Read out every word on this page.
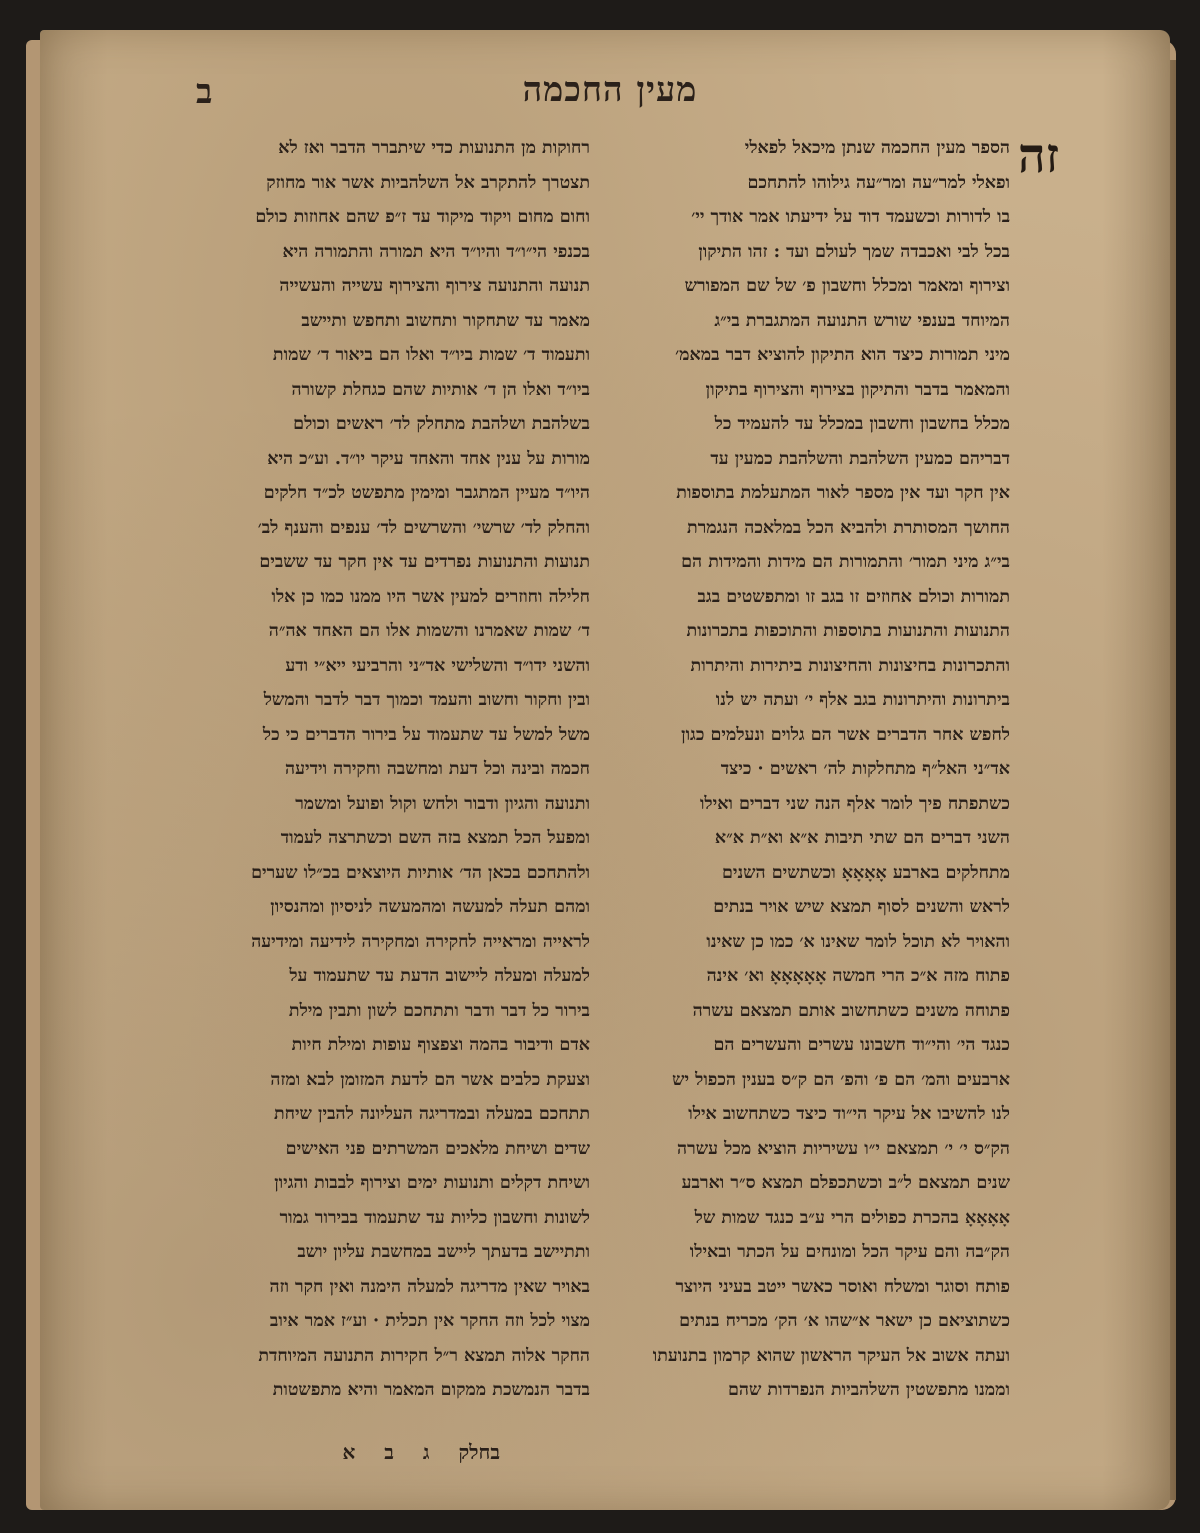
מעין החכמה
ב
זה
הספר מעין החכמה שנתן מיכאל לפאלי
ופאלי למר״עה ומר״עה גילוהו להתחכם
בו לדורות וכשעמד דוד על ידיעתו אמר אודך יי׳
בכל לבי ואכבדה שמך לעולם ועד : זהו התיקון
וצירוף ומאמר ומכלל וחשבון פ׳ של שם המפורש
המיוחד בענפי שורש התנועה המתגברת בי״ג
מיני תמורות כיצד הוא התיקון להוציא דבר במאמ׳
והמאמר בדבר והתיקון בצירוף והצירוף בתיקון
מכלל בחשבון וחשבון במכלל עד להעמיד כל
דבריהם כמעין השלהבת והשלהבת כמעין עד
אין חקר ועד אין מספר לאור המתעלמת בתוספות
החושך המסותרת ולהביא הכל במלאכה הנגמרת
בי״ג מיני תמור׳ והתמורות הם מידות והמידות הם
תמורות וכולם אחוזים זו בגב זו ומתפשטים בגב
התנועות והתנועות בתוספות והתוכפות בתכרונות
והתכרונות בחיצונות והחיצונות ביתירות והיתרות
ביתרונות והיתרונות בגב אלף י׳ ועתה יש לנו
לחפש אחר הדברים אשר הם גלוים ונעלמים כגון
אד״ני האל״ף מתחלקות לה׳ ראשים · כיצד
כשתפתח פיך לומר אלף הנה שני דברים ואילו
השני דברים הם שתי תיבות א״א וא״ת א״א
מתחלקים בארבע אָאָאָאָ וכשתשים השנים
לראש והשנים לסוף תמצא שיש אויר בנתים
והאויר לא תוכל לומר שאינו א׳ כמו כן שאינו
פתוח מזה א״כ הרי חמשה אָאָאָאָאָ וא׳ אינה
פתוחה משנים כשתחשוב אותם תמצאם עשרה
כנגד הי׳ והי״וד חשבונו עשרים והעשרים הם
ארבעים והמ׳ הם פ׳ והפ׳ הם ק״ס בענין הכפול יש
לנו להשיבו אל עיקר הי״וד כיצד כשתחשוב אילו
הק״ס י׳ י׳ תמצאם י״ו עשיריות הוציא מכל עשרה
שנים תמצאם ל״ב וכשתכפלם תמצא ס״ר וארבע
אָאָאָאָ בהכרת כפולים הרי ע״ב כנגד שמות של
הק״בה והם עיקר הכל ומונחים על הכתר ובאילו
פותח וסוגר ומשלח ואוסר כאשר ייטב בעיני היוצר
כשתוציאם כן ישאר א״שהו א׳ הק׳ מכריח בנתים
ועתה אשוב אל העיקר הראשון שהוא קרמון בתנועתו
וממנו מתפשטין השלהביות הנפרדות שהם
רחוקות מן התנועות כדי שיתברר הדבר ואז לא
תצטרך להתקרב אל השלהביות אשר אור מחוזק
וחום מחום ויקוד מיקוד עד ז״פ שהם אחוזות כולם
בכנפי הי״ו״ד והיו״ד היא תמורה והתמורה היא
תנועה והתנועה צירוף והצירוף עשייה והעשייה
מאמר עד שתחקור ותחשוב ותחפש ותיישב
ותעמוד ד׳ שמות ביו״ד ואלו הם ביאור ד׳ שמות
ביו״ד ואלו הן ד׳ אותיות שהם כגחלת קשורה
בשלהבת ושלהבת מתחלק לד׳ ראשים וכולם
מורות על ענין אחד והאחד עיקר יו״ד. וע״כ היא
היו״ד מעיין המתגבר ומימין מתפשט לכ״ד חלקים
והחלק לד׳ שרשי׳ והשרשים לד׳ ענפים והענף לב׳
תנועות והתנועות נפרדים עד אין חקר עד ששבים
חלילה וחוזרים למעין אשר היו ממנו כמו כן אלו
ד׳ שמות שאמרנו והשמות אלו הם האחד אה״ה
והשני ידו״ד והשלישי אד״ני והרביעי ייא״י ודע
ובין וחקור וחשוב והעמד וכמוך דבר לדבר והמשל
משל למשל עד שתעמוד על בירור הדברים כי כל
חכמה ובינה וכל דעת ומחשבה וחקירה וידיעה
ותנועה והגיון ודבור ולחש וקול ופועל ומשמר
ומפעל הכל תמצא בזה השם וכשתרצה לעמוד
ולהתחכם בכאן הד׳ אותיות היוצאים בכ״לו שערים
ומהם תעלה למעשה ומהמעשה לניסיון ומהנסיון
לראייה ומראייה לחקירה ומחקירה לידיעה ומידיעה
למעלה ומעלה ליישוב הדעת עד שתעמוד על
בירור כל דבר ודבר ותתחכם לשון ותבין מילת
אדם ודיבור בהמה וצפצוף עופות ומילת חיות
וצעקת כלבים אשר הם לדעת המזומן לבא ומזה
תתחכם במעלה ובמדריגה העליונה להבין שיחת
שדים ושיחת מלאכים המשרתים פני האישים
ושיחת דקלים ותנועות ימים וצירוף לבבות והגיון
לשונות וחשבון כליות עד שתעמוד בבירור גמור
ותתיישב בדעתך ליישב במחשבת עליון יושב
באויר שאין מדריגה למעלה הימנה ואין חקר וזה
מצוי לכל וזה החקר אין תכלית · וע״ז אמר איוב
החקר אלוה תמצא ר״ל חקירות התנועה המיוחדת
בדבר הנמשכת ממקום המאמר והיא מתפשטות
בחלק ג ב א
